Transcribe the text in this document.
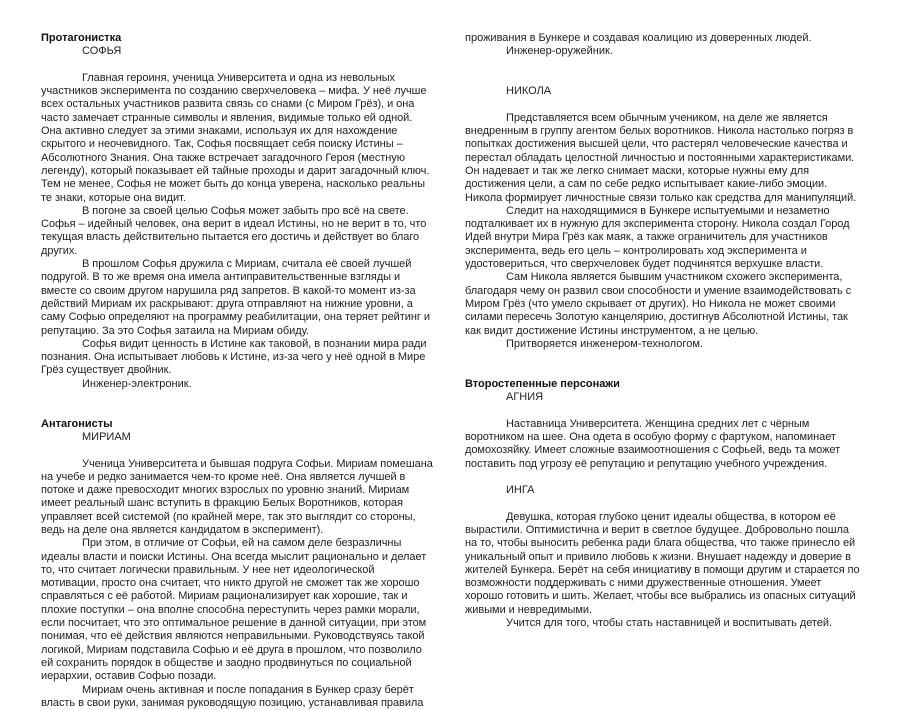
Протагонистка

СОФЬЯ

Главная героиня, ученица Университета и одна из невольных участников эксперимента по созданию сверхчеловека – мифа. У неё лучше всех остальных участников развита связь со снами (с Миром Грёз), и она часто замечает странные символы и явления, видимые только ей одной. Она активно следует за этими знаками, используя их для нахождение скрытого и неочевидного. Так, Софья посвящает себя поиску Истины – Абсолютного Знания. Она также встречает загадочного Героя (местную легенду), который показывает ей тайные проходы и дарит загадочный ключ. Тем не менее, Софья не может быть до конца уверена, насколько реальны те знаки, которые она видит.

В погоне за своей целью Софья может забыть про всё на свете. Софья – идейный человек, она верит в идеал Истины, но не верит в то, что текущая власть действительно пытается его достичь и действует во благо других.

В прошлом Софья дружила с Мириам, считала её своей лучшей подругой. В то же время она имела антиправительственные взгляды и вместе со своим другом нарушила ряд запретов. В какой-то момент из-за действий Мириам их раскрывают: друга отправляют на нижние уровни, а саму Софью определяют на программу реабилитации, она теряет рейтинг и репутацию. За это Софья затаила на Мириам обиду.

Софья видит ценность в Истине как таковой, в познании мира ради познания. Она испытывает любовь к Истине, из-за чего у неё одной в Мире Грёз существует двойник.

Инженер-электроник.

Антагонисты

МИРИАМ

Ученица Университета и бывшая подруга Софьи. Мириам помешана на учебе и редко занимается чем-то кроме неё. Она является лучшей в потоке и даже превосходит многих взрослых по уровню знаний. Мириам имеет реальный шанс вступить в фракцию Белых Воротников, которая управляет всей системой (по крайней мере, так это выглядит со стороны, ведь на деле она является кандидатом в эксперимент).

При этом, в отличие от Софьи, ей на самом деле безразличны идеалы власти и поиски Истины. Она всегда мыслит рационально и делает то, что считает логически правильным. У нее нет идеологической мотивации, просто она считает, что никто другой не сможет так же хорошо справляться с её работой. Мириам рационализирует как хорошие, так и плохие поступки – она вполне способна переступить через рамки морали, если посчитает, что это оптимальное решение в данной ситуации, при этом понимая, что её действия являются неправильными. Руководствуясь такой логикой, Мириам подставила Софью и её друга в прошлом, что позволило ей сохранить порядок в обществе и заодно продвинуться по социальной иерархии, оставив Софью позади.

Мириам очень активная и после попадания в Бункер сразу берёт власть в свои руки, занимая руководящую позицию, устанавливая правила

проживания в Бункере и создавая коалицию из доверенных людей.

Инженер-оружейник.

НИКОЛА

Представляется всем обычным учеником, на деле же является внедренным в группу агентом белых воротников. Никола настолько погряз в попытках достижения высшей цели, что растерял человеческие качества и перестал обладать целостной личностью и постоянными характеристиками. Он надевает и так же легко снимает маски, которые нужны ему для достижения цели, а сам по себе редко испытывает какие-либо эмоции. Никола формирует личностные связи только как средства для манипуляций.

Следит на находящимися в Бункере испытуемыми и незаметно подталкивает их в нужную для эксперимента сторону. Никола создал Город Идей внутри Мира Грёз как маяк, а также ограничитель для участников эксперимента, ведь его цель – контролировать ход эксперимента и удостовериться, что сверхчеловек будет подчинятся верхушке власти.

Сам Никола является бывшим участником схожего эксперимента, благодаря чему он развил свои способности и умение взаимодействовать с Миром Грёз (что умело скрывает от других). Но Никола не может своими силами пересечь Золотую канцелярию, достигнув Абсолютной Истины, так как видит достижение Истины инструментом, а не целью.

Притворяется инженером-технологом.

Второстепенные персонажи

АГНИЯ

Наставница Университета. Женщина средних лет с чёрным воротником на шее. Она одета в особую форму с фартуком, напоминает домохозяйку. Имеет сложные взаимоотношения с Софьей, ведь та может поставить под угрозу её репутацию и репутацию учебного учреждения.

ИНГА

Девушка, которая глубоко ценит идеалы общества, в котором её вырастили. Оптимистична и верит в светлое будущее. Добровольно пошла на то, чтобы выносить ребенка ради блага общества, что также принесло ей уникальный опыт и привило любовь к жизни. Внушает надежду и доверие в жителей Бункера. Берёт на себя инициативу в помощи другим и старается по возможности поддерживать с ними дружественные отношения. Умеет хорошо готовить и шить. Желает, чтобы все выбрались из опасных ситуаций живыми и невредимыми.

Учится для того, чтобы стать наставницей и воспитывать детей.
